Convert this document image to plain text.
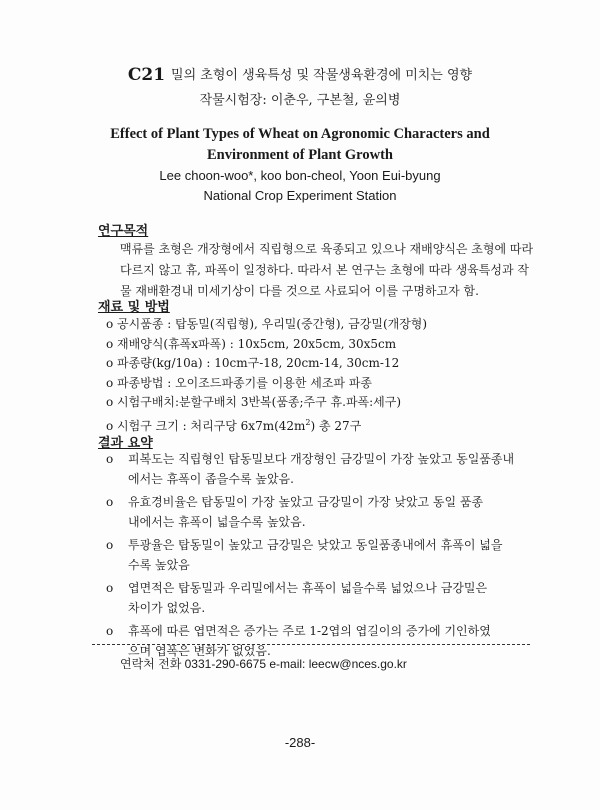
C21 밀의 초형이 생육특성 및 작물생육환경에 미치는 영향
작물시험장: 이춘우, 구본철, 윤의병
Effect of Plant Types of Wheat on Agronomic Characters and
Environment of Plant Growth
Lee choon-woo*, koo bon-cheol, Yoon Eui-byung
National Crop Experiment Station
연구목적
맥류를 초형은 개장형에서 직립형으로 육종되고 있으나 재배양식은 초형에 따라
다르지 않고 휴, 파폭이 일정하다. 따라서 본 연구는 초형에 따라 생육특성과 작
물 재배환경내 미세기상이 다를 것으로 사료되어 이를 구명하고자 함.
재료 및 방법
o 공시품종 : 탑동밀(직립형), 우리밀(중간형), 금강밀(개장형)
o 재배양식(휴폭x파폭) : 10x5cm, 20x5cm, 30x5cm
o 파종량(kg/10a) : 10cm구-18, 20cm-14, 30cm-12
o 파종방법 : 오이조드파종기를 이용한 세조파 파종
o 시험구배치:분할구배치 3반복(품종;주구 휴.파폭:세구)
o 시험구 크기 : 처리구당 $6x7m(42m^2)$ 총 27구
결과 요약
o 피복도는 직립형인 탑동밀보다 개장형인 금강밀이 가장 높았고 동일품종내
에서는 휴폭이 좁을수록 높았음.
o 유효경비율은 탑동밀이 가장 높았고 금강밀이 가장 낮았고 동일 품종
내에서는 휴폭이 넓을수록 높았음.
o 투광율은 탑동밀이 높았고 금강밀은 낮았고 동일품종내에서 휴폭이 넓을
수록 높았음
o 엽면적은 탑동밀과 우리밀에서는 휴폭이 넓을수록 넓었으나 금강밀은
차이가 없었음.
o 휴폭에 따른 엽면적은 증가는 주로 1-2엽의 엽길이의 증가에 기인하였
으며 엽폭은 변화가 없었음.
연락처 전화 0331-290-6675 e-mail: leecw@nces.go.kr
-288-
